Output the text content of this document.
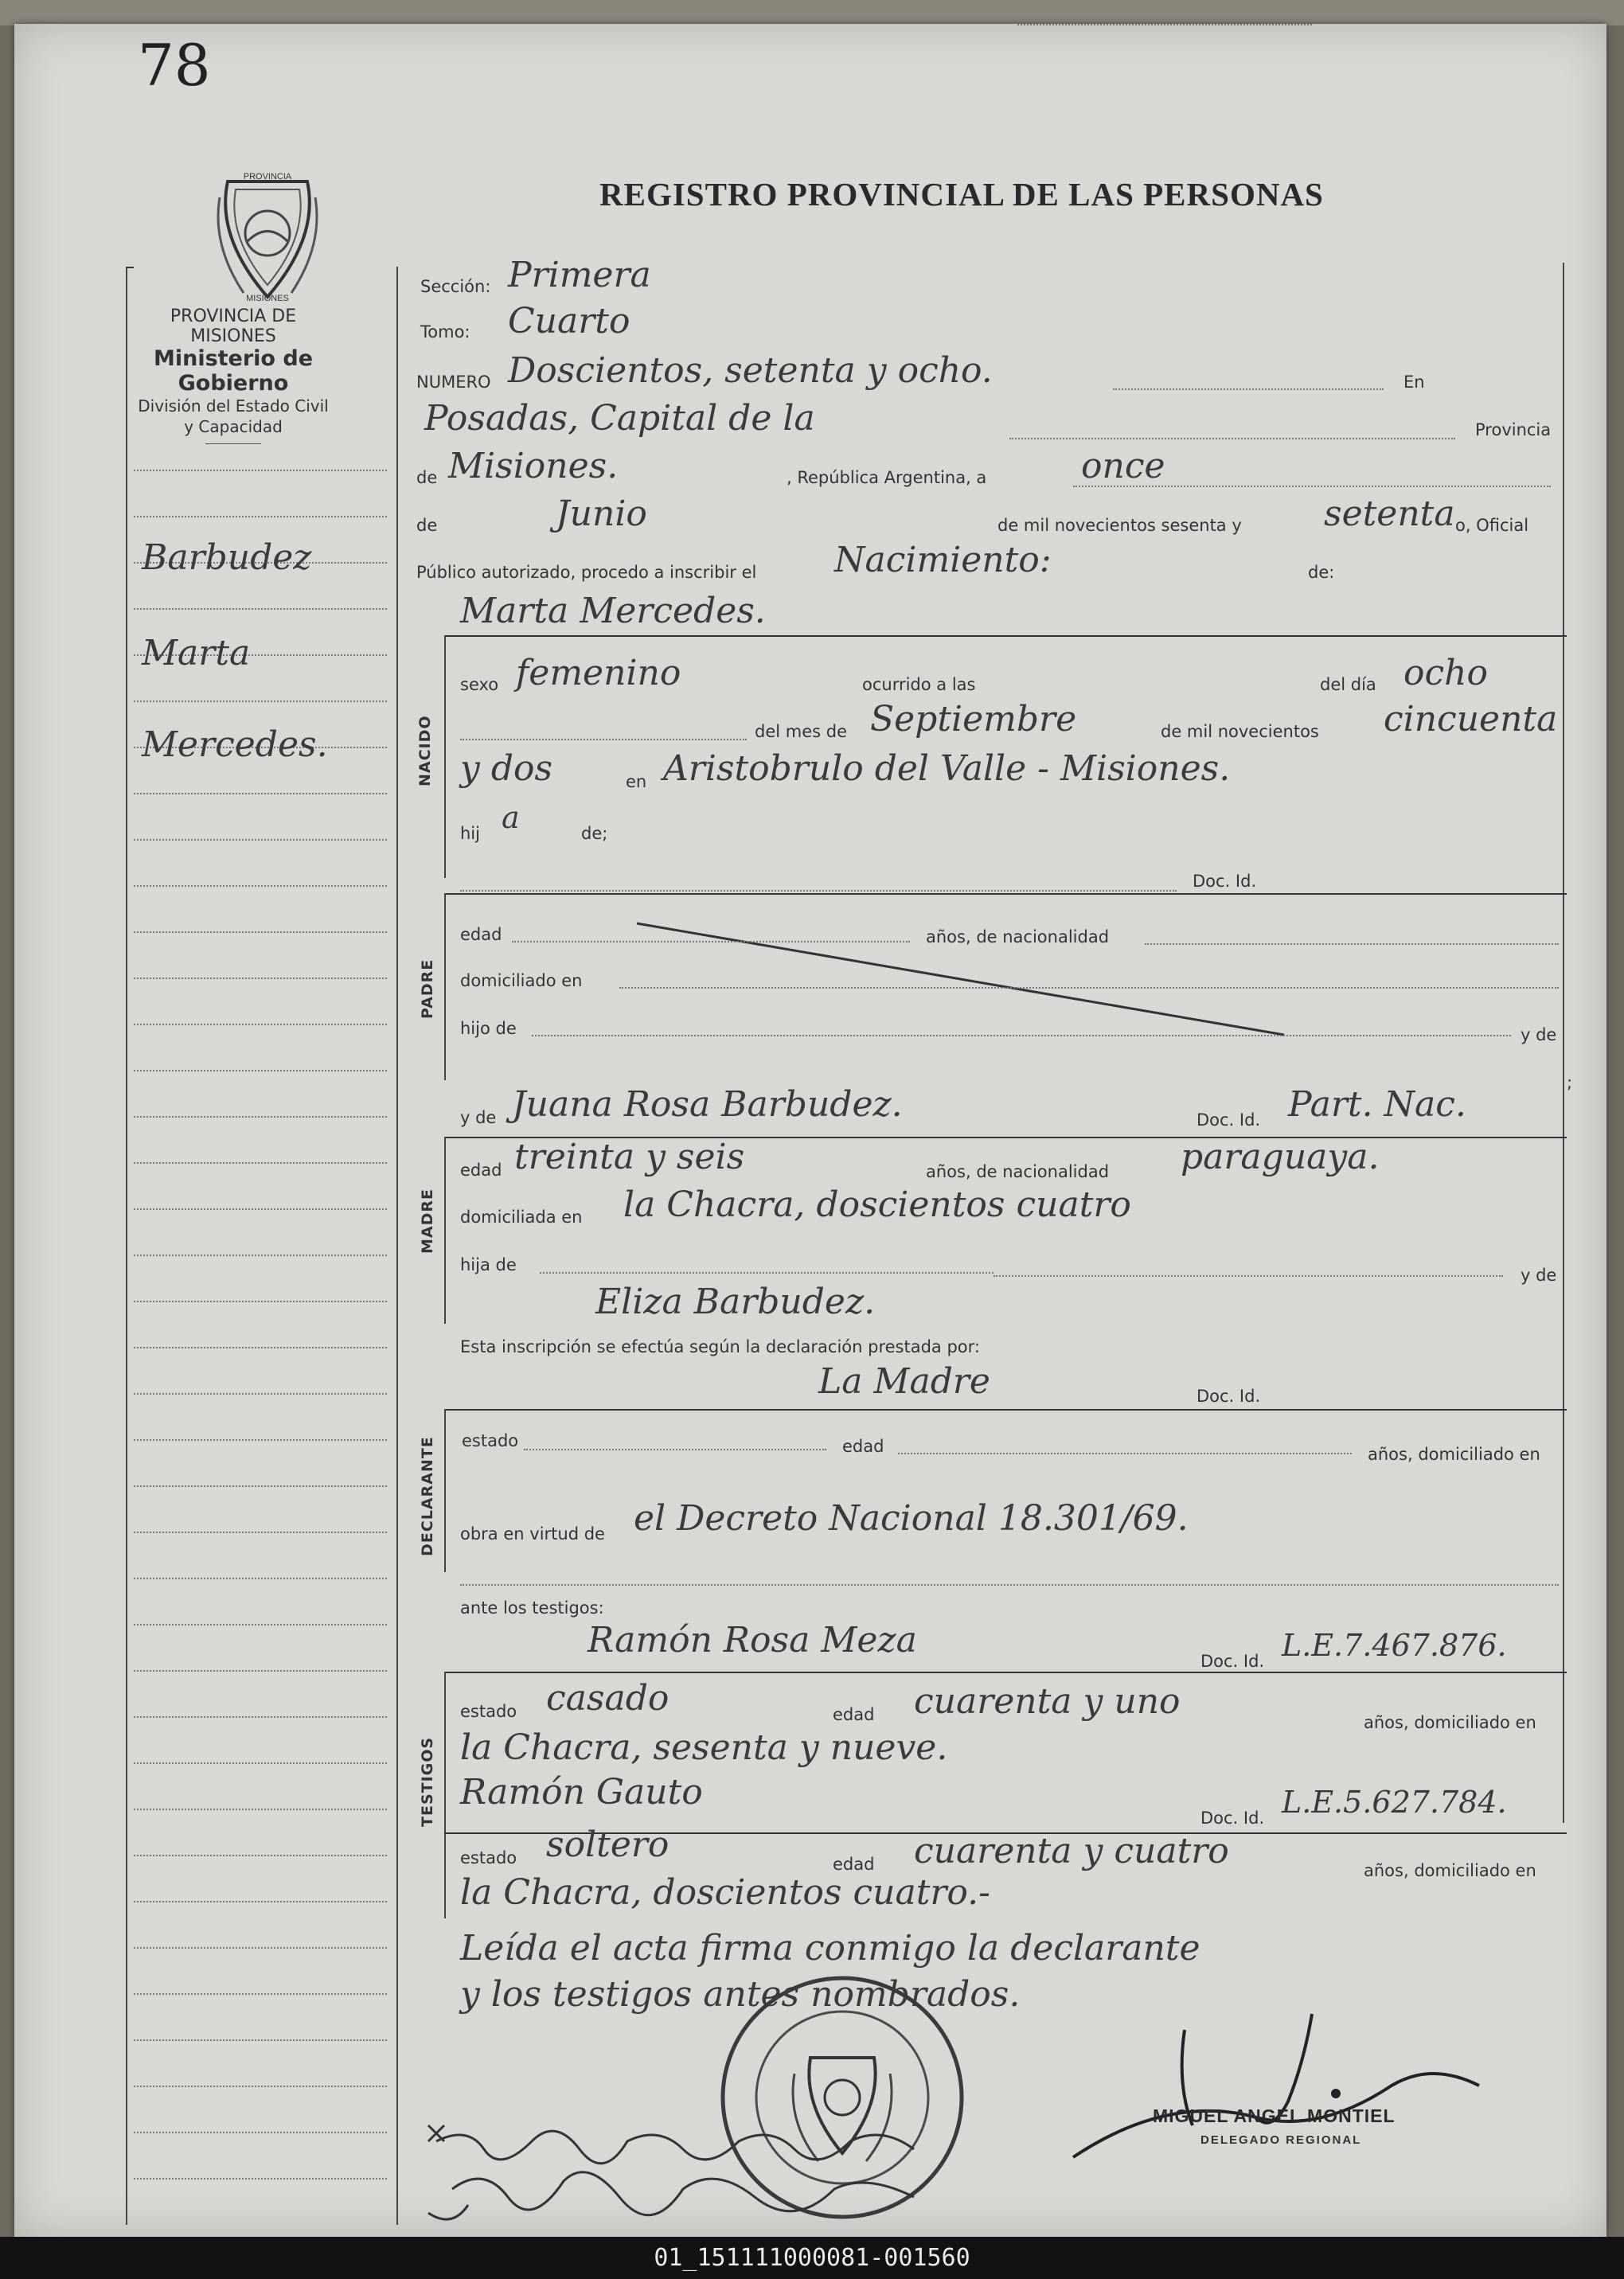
78
PROVINCIA
MISIONES
REGISTRO PROVINCIAL DE LAS PERSONAS
PROVINCIA DE MISIONES
Ministerio de Gobierno
División del Estado Civil
y Capacidad
Barbudez
Marta
Mercedes.
Sección: Primera
Tomo: Cuarto
NUMERO Doscientos, setenta y ocho.	En
Posadas, Capital de la	Provincia
de Misiones.	, República Argentina, a	once
de	Junio	de mil novecientos sesenta y setenta o, Oficial
Público autorizado, procedo a inscribir el Nacimiento:	de:
Marta Mercedes.
NACIDO
sexo femenino	ocurrido a las	del día ocho
del mes de Septiembre	de mil novecientos cincuenta
y dos	en Aristobrulo del Valle - Misiones.
hij a	de;
Doc. Id.
PADRE
edad	años, de nacionalidad
domiciliado en
hijo de	y de
;
y de Juana Rosa Barbudez.	Doc. Id. Part. Nac.
MADRE
edad treinta y seis	años, de nacionalidad paraguaya.
domiciliada en la Chacra, doscientos cuatro
hija de
y de
Eliza Barbudez.
Esta inscripción se efectúa según la declaración prestada por:
La Madre	Doc. Id.
DECLARANTE estado	edad	años, domiciliado en
obra en virtud de el Decreto Nacional 18.301/69.
ante los testigos:
Ramón Rosa Meza
Doc. Id. L.E.7.467.876.
TESTIGOS
estado casado	edad cuarenta y uno
años, domiciliado en
la Chacra, sesenta y nueve.
Ramón Gauto
Doc. Id. L.E.5.627.784.
estado soltero	edad cuarenta y cuatro	años, domiciliado en
la Chacra, doscientos cuatro.-
Leída el acta firma conmigo la declarante
y los testigos antes nombrados.
MIGUEL ANGEL MONTIEL
DELEGADO REGIONAL
01_151111000081-001560
